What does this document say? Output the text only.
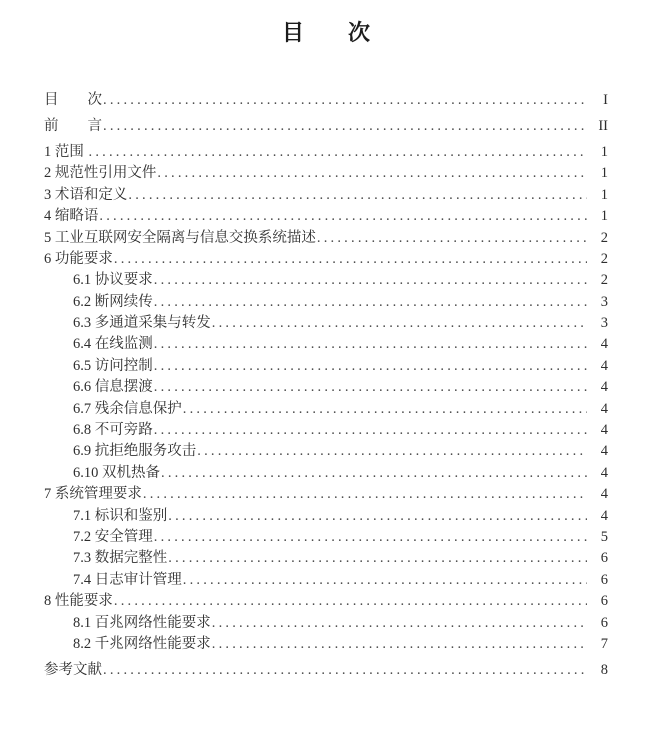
目　　次
目　　次 .....	I
前　　言 .....	II
1 范围 .....	1
2 规范性引用文件 .....	1
3 术语和定义 .....	1
4 缩略语 .....	1
5 工业互联网安全隔离与信息交换系统描述 .....	2
6 功能要求 .....	2
6.1 协议要求 .....	2
6.2 断网续传 .....	3
6.3 多通道采集与转发 .....	3
6.4 在线监测 .....	4
6.5 访问控制 .....	4
6.6 信息摆渡 .....	4
6.7 残余信息保护 .....	4
6.8 不可旁路 .....	4
6.9 抗拒绝服务攻击 .....	4
6.10 双机热备 .....	4
7 系统管理要求 .....	4
7.1 标识和鉴别 .....	4
7.2 安全管理 .....	5
7.3 数据完整性 .....	6
7.4 日志审计管理 .....	6
8 性能要求 .....	6
8.1 百兆网络性能要求 .....	6
8.2 千兆网络性能要求 .....	7
参考文献 .....	8
